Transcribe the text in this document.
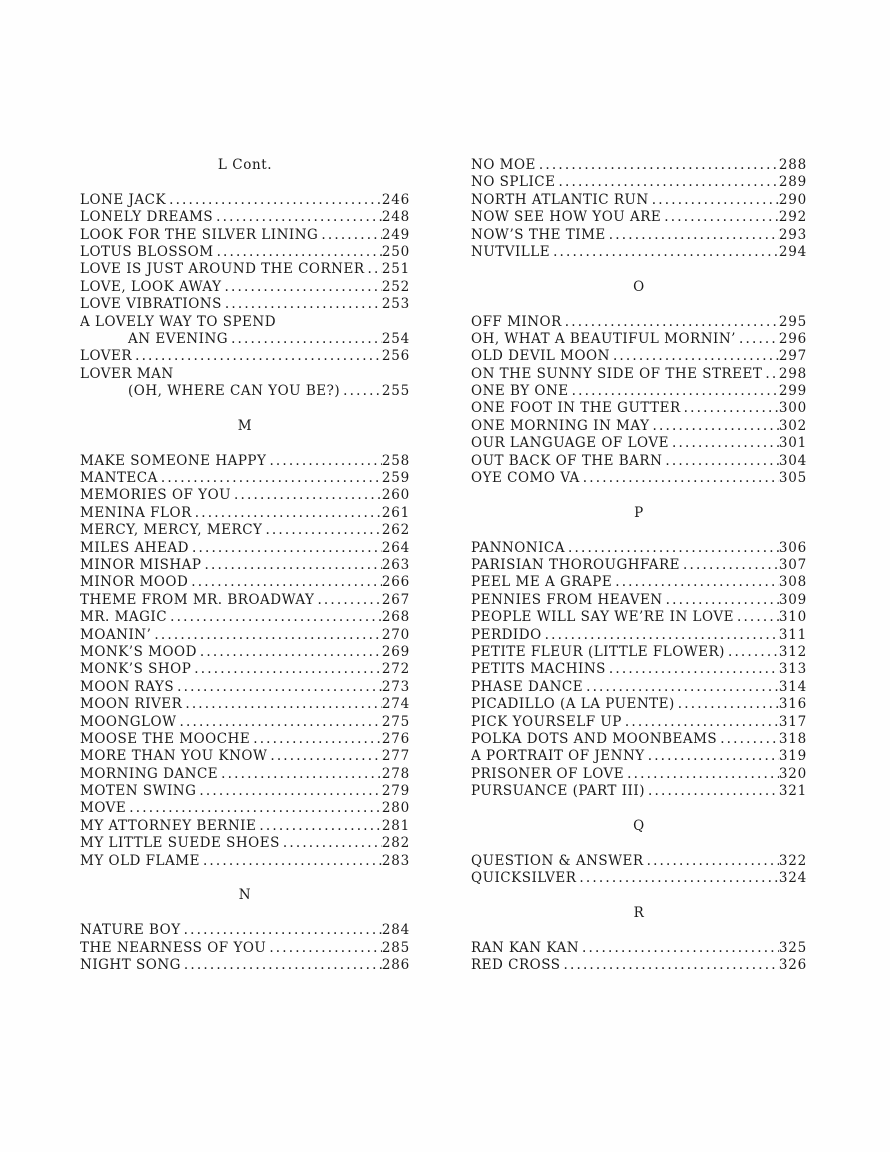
L Cont.
LONE JACK .....	246
LONELY DREAMS .....	248
LOOK FOR THE SILVER LINING .....	249
LOTUS BLOSSOM .....	250
LOVE IS JUST AROUND THE CORNER ..... 251
LOVE, LOOK AWAY .....	252
LOVE VIBRATIONS .....	253
A LOVELY WAY TO SPEND
AN EVENING .....	254
LOVER .....	256
LOVER MAN
(OH, WHERE CAN YOU BE?) .....	255
M
MAKE SOMEONE HAPPY .....	258
MANTECA .....	259
MEMORIES OF YOU .....	260
MENINA FLOR .....	261
MERCY, MERCY, MERCY .....	262
MILES AHEAD .....	264
MINOR MISHAP .....	263
MINOR MOOD .....	266
THEME FROM MR. BROADWAY .....	267
MR. MAGIC .....	268
MOANIN’ .....	270
MONK’S MOOD .....	269
MONK’S SHOP .....	272
MOON RAYS .....	273
MOON RIVER .....	274
MOONGLOW .....	275
MOOSE THE MOOCHE .....	276
MORE THAN YOU KNOW .....	277
MORNING DANCE .....	278
MOTEN SWING .....	279
MOVE .....	280
MY ATTORNEY BERNIE .....	281
MY LITTLE SUEDE SHOES .....	282
MY OLD FLAME .....	283
N
NATURE BOY .....	284
THE NEARNESS OF YOU .....	285
NIGHT SONG .....	286
NO MOE .....	288
NO SPLICE .....	289
NORTH ATLANTIC RUN .....	290
NOW SEE HOW YOU ARE .....	292
NOW’S THE TIME .....	293
NUTVILLE .....	294
O
OFF MINOR .....	295
OH, WHAT A BEAUTIFUL MORNIN’ .....	296
OLD DEVIL MOON .....	297
ON THE SUNNY SIDE OF THE STREET ..... 298
ONE BY ONE .....	299
ONE FOOT IN THE GUTTER .....	300
ONE MORNING IN MAY .....	302
OUR LANGUAGE OF LOVE .....	301
OUT BACK OF THE BARN .....	304
OYE COMO VA .....	305
P
PANNONICA .....	306
PARISIAN THOROUGHFARE .....	307
PEEL ME A GRAPE .....	308
PENNIES FROM HEAVEN .....	309
PEOPLE WILL SAY WE’RE IN LOVE .....	310
PERDIDO .....	311
PETITE FLEUR (LITTLE FLOWER) .....	312
PETITS MACHINS .....	313
PHASE DANCE .....	314
PICADILLO (A LA PUENTE) .....	316
PICK YOURSELF UP .....	317
POLKA DOTS AND MOONBEAMS .....	318
A PORTRAIT OF JENNY .....	319
PRISONER OF LOVE .....	320
PURSUANCE (PART III) .....	321
Q
QUESTION & ANSWER .....	322
QUICKSILVER .....	324
R
RAN KAN KAN .....	325
RED CROSS .....	326
